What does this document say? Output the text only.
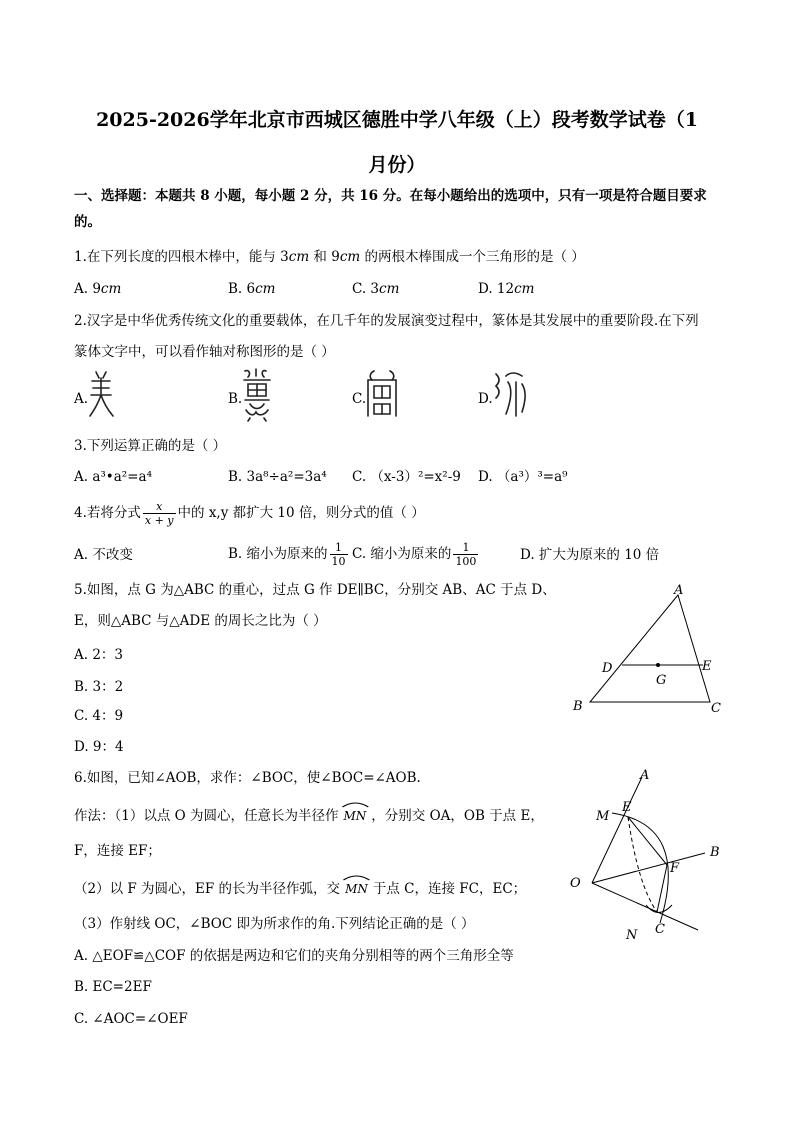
2025-2026学年北京市西城区德胜中学八年级（上）段考数学试卷（1
月份）
一、选择题：本题共 8 小题，每小题 2 分，共 16 分。在每小题给出的选项中，只有一项是符合题目要求
的。
1.在下列长度的四根木棒中，能与 3cm 和 9cm 的两根木棒围成一个三角形的是（ ）
A. 9cm	B. 6cm	C. 3cm	D. 12cm
2.汉字是中华优秀传统文化的重要载体，在几千年的发展演变过程中，篆体是其发展中的重要阶段.在下列
篆体文字中，可以看作轴对称图形的是（ ）
A.	B.	C.	D.
3.下列运算正确的是（ ）
A. a³•a²=a⁴	B. 3a⁸÷a²=3a⁴ C. （x-3）²=x²-9 D. （a³）³=a⁹
4.若将分式 $\frac{x}{x + y}$ 中的 x,y 都扩大 10 倍，则分式的值（ ）
A. 不改变	B. 缩小为原来的 $\frac{1}{10} C$. 缩小为原来的 $\frac{1}{100}$	D. 扩大为原来的 10 倍
5.如图，点 G 为△ABC 的重心，过点 G 作 DE∥BC，分别交 AB、AC 于点 D、
E，则△ABC 与△ADE 的周长之比为（ ）
A. 2：3
B. 3：2
C. 4：9
D. 9：4
A
B	C
D	E
G
6.如图，已知∠AOB，求作：∠BOC，使∠BOC=∠AOB.
作法：（1）以点 O 为圆心，任意长为半径作 MN ，分别交 OA，OB 于点 E，
F，连接 EF；
（2）以 F 为圆心，EF 的长为半径作弧，交 MN 于点 C，连接 FC，EC；
（3）作射线 OC，∠BOC 即为所求作的角.下列结论正确的是（ ）
A. △EOF≌△COF 的依据是两边和它们的夹角分别相等的两个三角形全等
B. EC=2EF
C. ∠AOC=∠OEF
A
B
C
E
F
M
N
O
